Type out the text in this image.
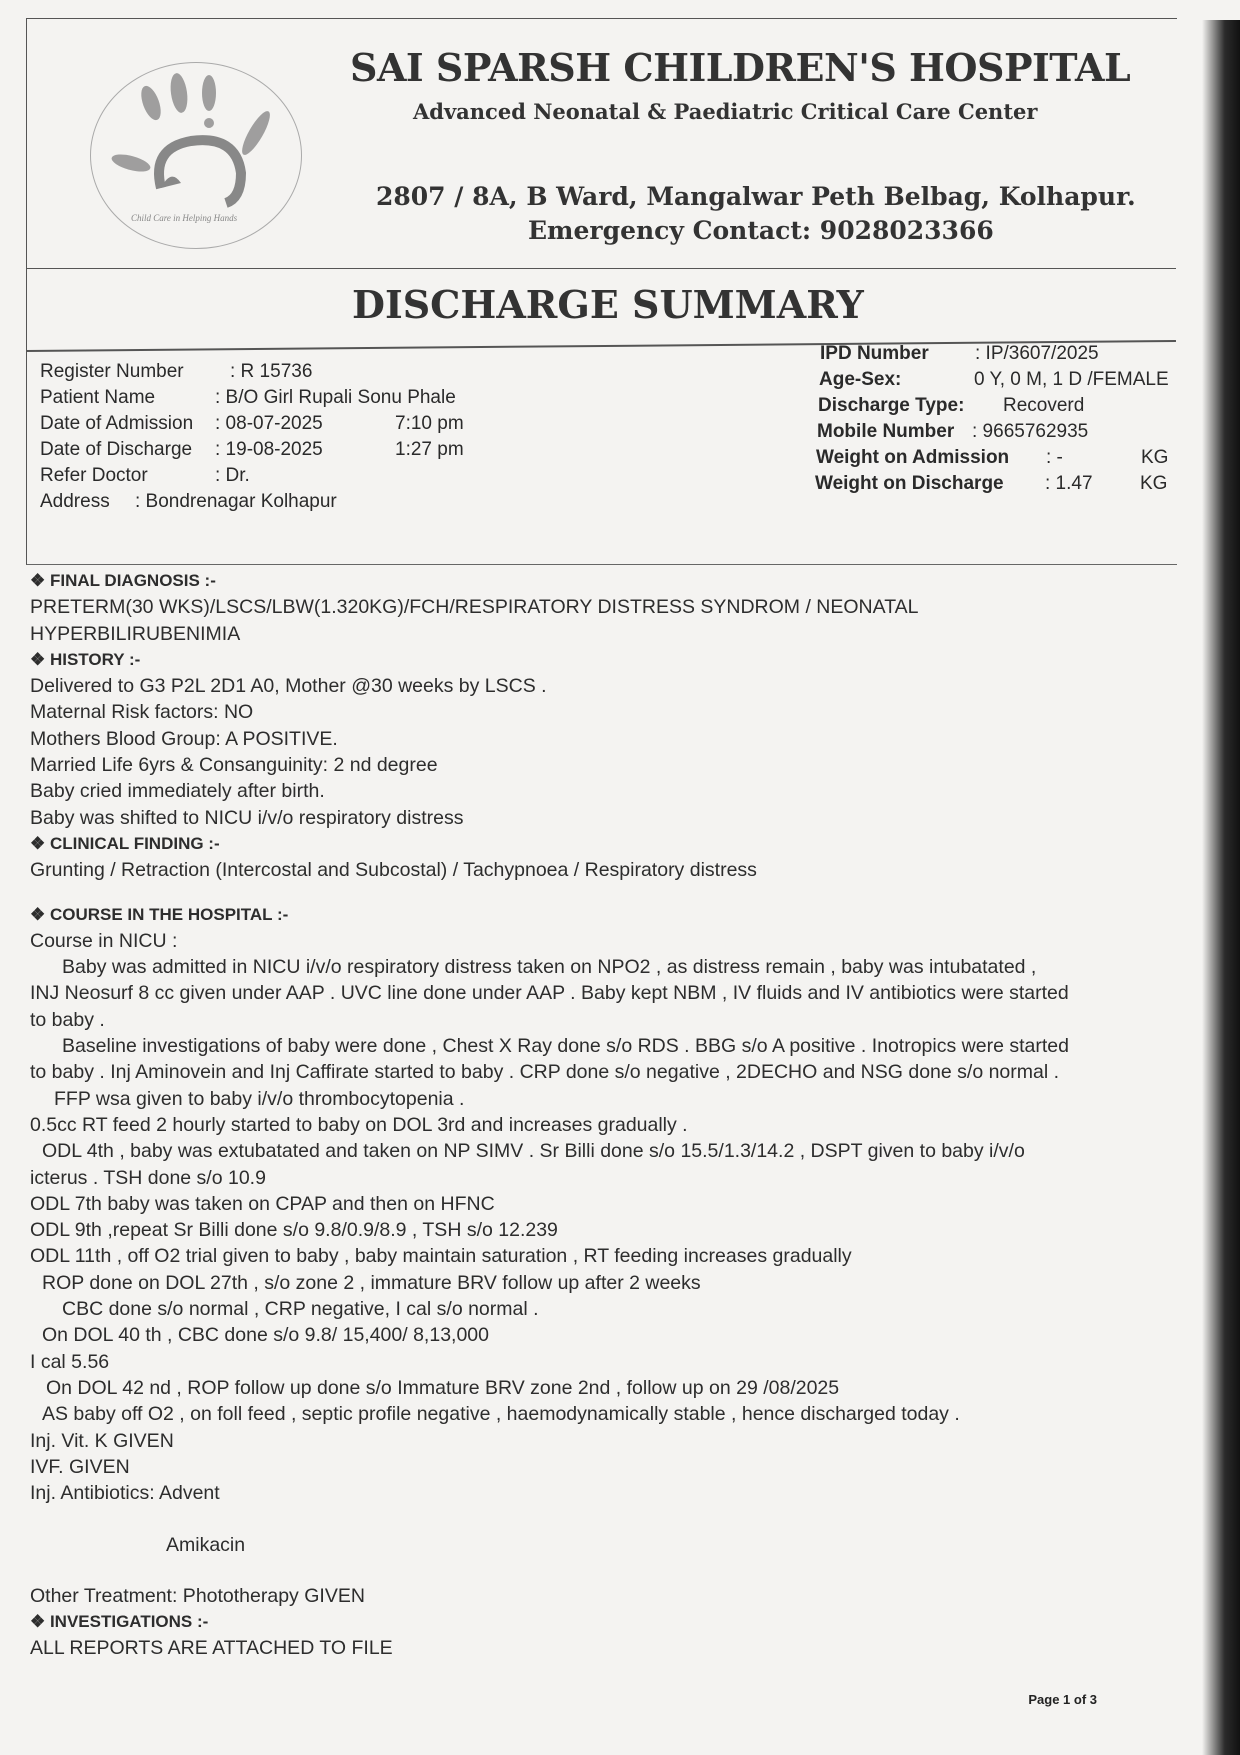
Child Care in Helping Hands
SAI SPARSH CHILDREN'S HOSPITAL
Advanced Neonatal & Paediatric Critical Care Center
2807 / 8A, B Ward, Mangalwar Peth Belbag, Kolhapur.
Emergency Contact: 9028023366
DISCHARGE SUMMARY
Register Number : R 15736
Patient Name	: B/O Girl Rupali Sonu Phale
Date of Admission : 08-07-2025	7:10 pm
Date of Discharge : 19-08-2025	1:27 pm
Refer Doctor	: Dr.
Address : Bondrenagar Kolhapur
IPD Number : IP/3607/2025
Age-Sex:	0 Y, 0 M, 1 D /FEMALE
Discharge Type: Recoverd
Mobile Number : 9665762935
Weight on Admission : -	KG
Weight on Discharge : 1.47 KG
❖ FINAL DIAGNOSIS :-
PRETERM(30 WKS)/LSCS/LBW(1.320KG)/FCH/RESPIRATORY DISTRESS SYNDROM / NEONATAL
HYPERBILIRUBENIMIA
❖ HISTORY :-
Delivered to G3 P2L 2D1 A0, Mother @30 weeks by LSCS .
Maternal Risk factors: NO
Mothers Blood Group: A POSITIVE.
Married Life 6yrs & Consanguinity: 2 nd degree
Baby cried immediately after birth.
Baby was shifted to NICU i/v/o respiratory distress
❖ CLINICAL FINDING :-
Grunting / Retraction (Intercostal and Subcostal) / Tachypnoea / Respiratory distress
❖ COURSE IN THE HOSPITAL :-
Course in NICU :
Baby was admitted in NICU i/v/o respiratory distress taken on NPO2 , as distress remain , baby was intubatated ,
INJ Neosurf 8 cc given under AAP . UVC line done under AAP . Baby kept NBM , IV fluids and IV antibiotics were started
to baby .
Baseline investigations of baby were done , Chest X Ray done s/o RDS . BBG s/o A positive . Inotropics were started
to baby . Inj Aminovein and Inj Caffirate started to baby . CRP done s/o negative , 2DECHO and NSG done s/o normal .
FFP wsa given to baby i/v/o thrombocytopenia .
0.5cc RT feed 2 hourly started to baby on DOL 3rd and increases gradually .
ODL 4th , baby was extubatated and taken on NP SIMV . Sr Billi done s/o 15.5/1.3/14.2 , DSPT given to baby i/v/o
icterus . TSH done s/o 10.9
ODL 7th baby was taken on CPAP and then on HFNC
ODL 9th ,repeat Sr Billi done s/o 9.8/0.9/8.9 , TSH s/o 12.239
ODL 11th , off O2 trial given to baby , baby maintain saturation , RT feeding increases gradually
ROP done on DOL 27th , s/o zone 2 , immature BRV follow up after 2 weeks
CBC done s/o normal , CRP negative, I cal s/o normal .
On DOL 40 th , CBC done s/o 9.8/ 15,400/ 8,13,000
I cal 5.56
On DOL 42 nd , ROP follow up done s/o Immature BRV zone 2nd , follow up on 29 /08/2025
AS baby off O2 , on foll feed , septic profile negative , haemodynamically stable , hence discharged today .
Inj. Vit. K GIVEN
IVF. GIVEN
Inj. Antibiotics: Advent
Amikacin
Other Treatment: Phototherapy GIVEN
❖ INVESTIGATIONS :-
ALL REPORTS ARE ATTACHED TO FILE
Page 1 of 3
